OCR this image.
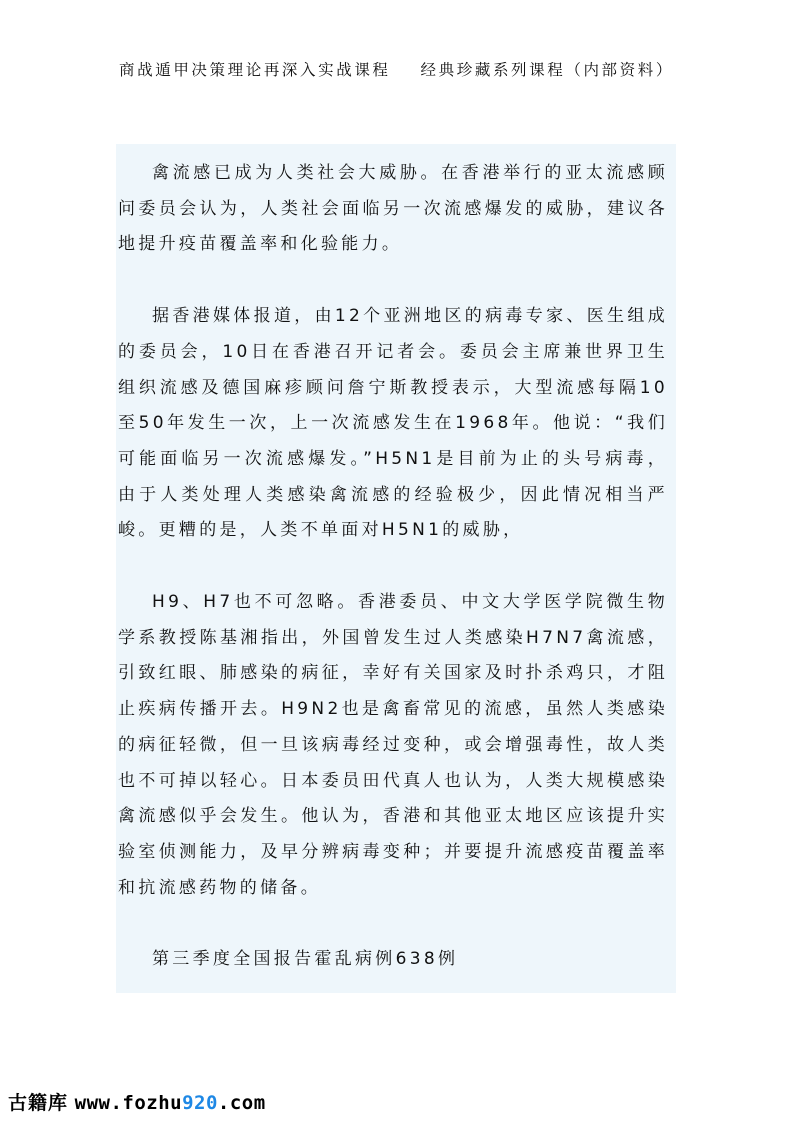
商战遁甲决策理论再深入实战课程 经典珍藏系列课程（内部资料）

禽流感已成为人类社会大威胁。在香港举行的亚太流感顾问委员会认为，人类社会面临另一次流感爆发的威胁，建议各地提升疫苗覆盖率和化验能力。

据香港媒体报道，由12个亚洲地区的病毒专家、医生组成的委员会，10日在香港召开记者会。委员会主席兼世界卫生组织流感及德国麻疹顾问詹宁斯教授表示，大型流感每隔10至50年发生一次，上一次流感发生在1968年。他说：“我们可能面临另一次流感爆发。”H5N1是目前为止的头号病毒，由于人类处理人类感染禽流感的经验极少，因此情况相当严峻。更糟的是，人类不单面对H5N1的威胁，

H9、H7也不可忽略。香港委员、中文大学医学院微生物学系教授陈基湘指出，外国曾发生过人类感染H7N7禽流感，引致红眼、肺感染的病征，幸好有关国家及时扑杀鸡只，才阻止疾病传播开去。H9N2也是禽畜常见的流感，虽然人类感染的病征轻微，但一旦该病毒经过变种，或会增强毒性，故人类也不可掉以轻心。日本委员田代真人也认为，人类大规模感染禽流感似乎会发生。他认为，香港和其他亚太地区应该提升实验室侦测能力，及早分辨病毒变种；并要提升流感疫苗覆盖率和抗流感药物的储备。

第三季度全国报告霍乱病例638例

古籍库 www.fozhu920.com
